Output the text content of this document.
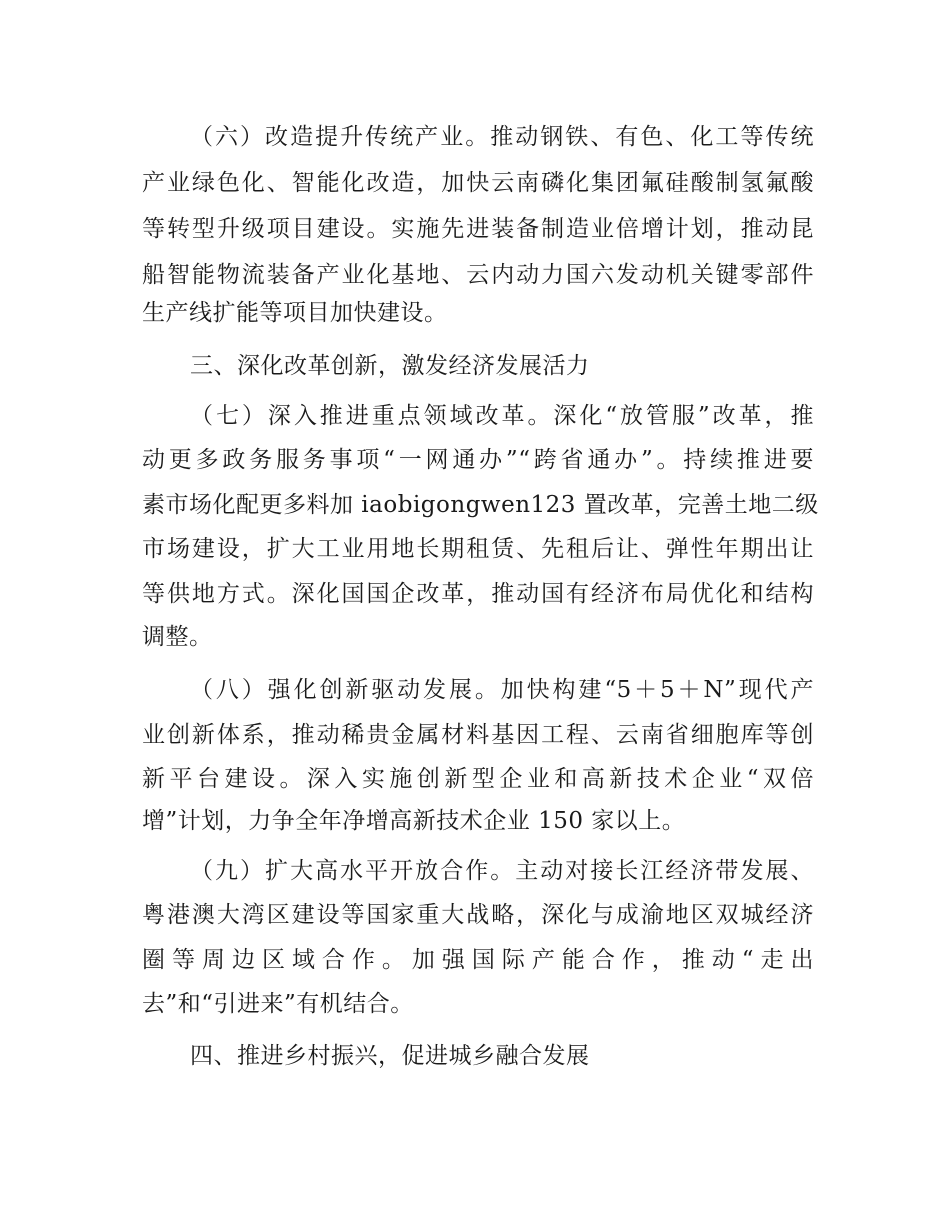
（六）改造提升传统产业。推动钢铁、有色、化工等传统
产业绿色化、智能化改造，加快云南磷化集团氟硅酸制氢氟酸
等转型升级项目建设。实施先进装备制造业倍增计划，推动昆
船智能物流装备产业化基地、云内动力国六发动机关键零部件
生产线扩能等项目加快建设。
三、深化改革创新，激发经济发展活力
（七）深入推进重点领域改革。深化“放管服”改革，推
动更多政务服务事项“一网通办”“跨省通办”。持续推进要
素市场化配更多料加 iaobigongwen123 置改革，完善土地二级
市场建设，扩大工业用地长期租赁、先租后让、弹性年期出让
等供地方式。深化国国企改革，推动国有经济布局优化和结构
调整。
（八）强化创新驱动发展。加快构建“5＋5＋N”现代产
业创新体系，推动稀贵金属材料基因工程、云南省细胞库等创
新平台建设。深入实施创新型企业和高新技术企业“双倍
增”计划，力争全年净增高新技术企业 150 家以上。
（九）扩大高水平开放合作。主动对接长江经济带发展、
粤港澳大湾区建设等国家重大战略，深化与成渝地区双城经济
圈等周边区域合作。加强国际产能合作，推动“走出
去”和“引进来”有机结合。
四、推进乡村振兴，促进城乡融合发展
